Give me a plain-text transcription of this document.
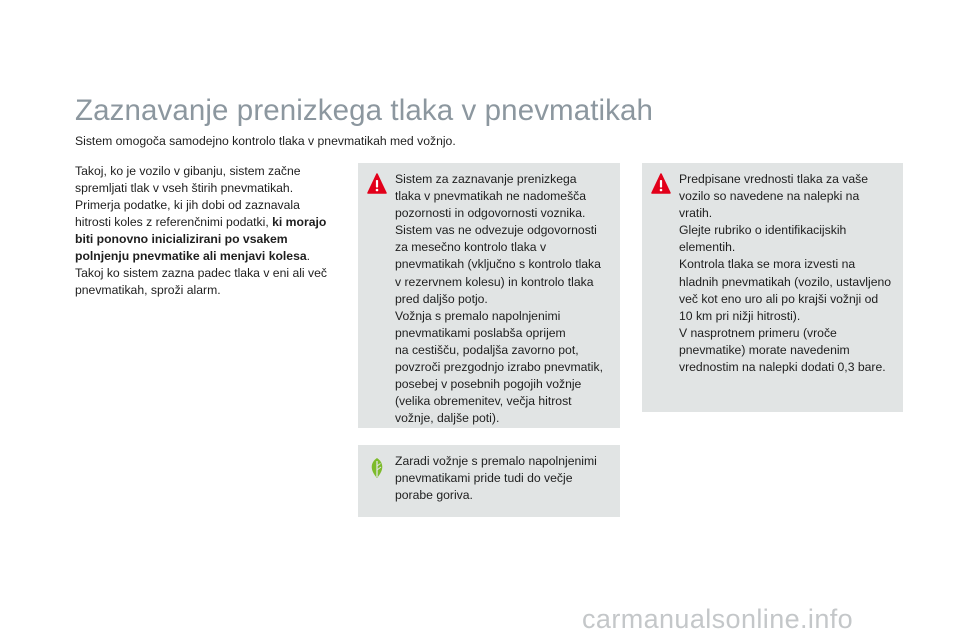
Zaznavanje prenizkega tlaka v pnevmatikah
Sistem omogoča samodejno kontrolo tlaka v pnevmatikah med vožnjo.
Takoj, ko je vozilo v gibanju, sistem začne
spremljati tlak v vseh štirih pnevmatikah.
Primerja podatke, ki jih dobi od zaznavala
hitrosti koles z referenčnimi podatki, ki morajo
biti ponovno inicializirani po vsakem
polnjenju pnevmatike ali menjavi kolesa.
Takoj ko sistem zazna padec tlaka v eni ali več
pnevmatikah, sproži alarm.
Sistem za zaznavanje prenizkega
tlaka v pnevmatikah ne nadomešča
pozornosti in odgovornosti voznika.
Sistem vas ne odvezuje odgovornosti
za mesečno kontrolo tlaka v
pnevmatikah (vključno s kontrolo tlaka
v rezervnem kolesu) in kontrolo tlaka
pred daljšo potjo.
Vožnja s premalo napolnjenimi
pnevmatikami poslabša oprijem
na cestišču, podaljša zavorno pot,
povzroči prezgodnjo izrabo pnevmatik,
posebej v posebnih pogojih vožnje
(velika obremenitev, večja hitrost
vožnje, daljše poti).
Zaradi vožnje s premalo napolnjenimi
pnevmatikami pride tudi do večje
porabe goriva.
Predpisane vrednosti tlaka za vaše
vozilo so navedene na nalepki na
vratih.
Glejte rubriko o identifikacijskih
elementih.
Kontrola tlaka se mora izvesti na
hladnih pnevmatikah (vozilo, ustavljeno
več kot eno uro ali po krajši vožnji od
10 km pri nižji hitrosti).
V nasprotnem primeru (vroče
pnevmatike) morate navedenim
vrednostim na nalepki dodati 0,3 bare.
carmanualsonline.info
